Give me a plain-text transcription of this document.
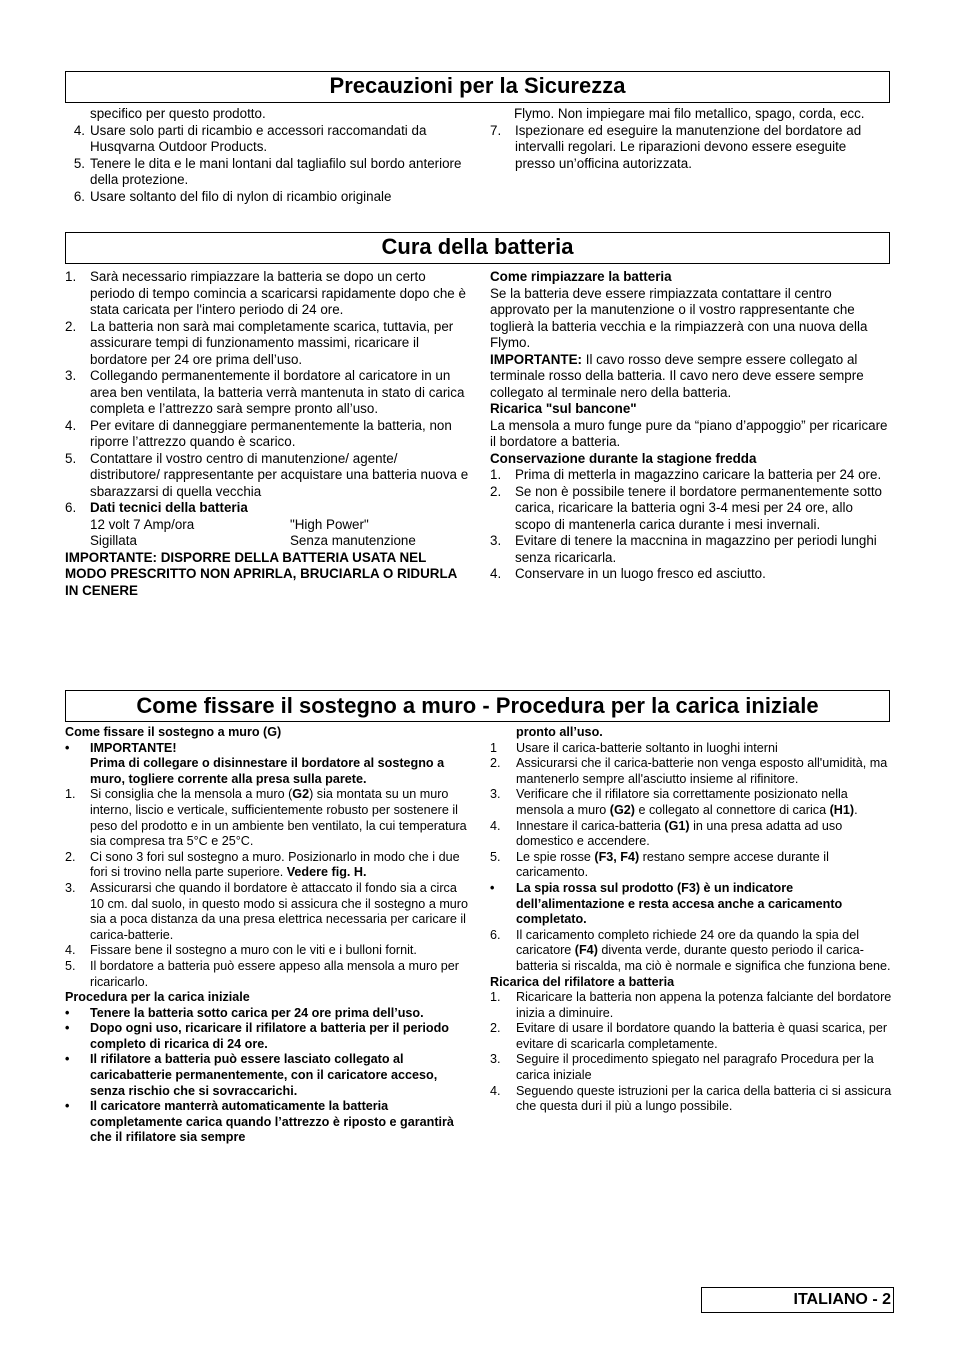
Precauzioni per la Sicurezza
specifico per questo prodotto.
4. Usare solo parti di ricambio e accessori raccomandati da Husqvarna Outdoor Products.
5. Tenere le dita e le mani lontani dal tagliafilo sul bordo anteriore della protezione.
6. Usare soltanto del filo di nylon di ricambio originale
Flymo. Non impiegare mai filo metallico, spago, corda, ecc.
7.	Ispezionare ed eseguire la manutenzione del bordatore ad intervalli regolari. Le riparazioni devono essere eseguite presso un’officina autorizzata.
Cura della batteria
1.	Sarà necessario rimpiazzare la batteria se dopo un certo periodo di tempo comincia a scaricarsi rapidamente dopo che è stata caricata per l'intero periodo di 24 ore.
2.	La batteria non sarà mai completamente scarica, tuttavia, per assicurare tempi di funzionamento massimi, ricaricare il bordatore per 24 ore prima dell’uso.
3.	Collegando permanentemente il bordatore al caricatore in un area ben ventilata, la batteria verrà mantenuta in stato di carica completa e l’attrezzo sarà sempre pronto all’uso.
4.	Per evitare di danneggiare permanentemente la batteria, non riporre l’attrezzo quando è scarico.
5.	Contattare il vostro centro di manutenzione/ agente/ distributore/ rappresentante per acquistare una batteria nuova e sbarazzarsi di quella vecchia
6.	Dati tecnici della batteria
12 volt 7 Amp/ora	"High Power"
Sigillata	Senza manutenzione
IMPORTANTE: DISPORRE DELLA BATTERIA USATA NEL MODO PRESCRITTO NON APRIRLA, BRUCIARLA O RIDURLA IN CENERE
Come rimpiazzare la batteria
Se la batteria deve essere rimpiazzata contattare il centro approvato per la manutenzione o il vostro rappresentante che toglierà la batteria vecchia e la rimpiazzerà con una nuova della Flymo.
IMPORTANTE: Il cavo rosso deve sempre essere collegato al terminale rosso della batteria. Il cavo nero deve essere sempre collegato al terminale nero della batteria.
Ricarica "sul bancone"
La mensola a muro funge pure da “piano d’appoggio” per ricaricare il bordatore a batteria.
Conservazione durante la stagione fredda
1.	Prima di metterla in magazzino caricare la batteria per 24 ore.
2.	Se non è possibile tenere il bordatore permanentemente sotto carica, ricaricare la batteria ogni 3-4 mesi per 24 ore, allo scopo di mantenerla carica durante i mesi invernali.
3.	Evitare di tenere la maccnina in magazzino per periodi lunghi senza ricaricarla.
4.	Conservare in un luogo fresco ed asciutto.
Come fissare il sostegno a muro - Procedura per la carica iniziale
Come fissare il sostegno a muro (G)
•	IMPORTANTE!
Prima di collegare o disinnestare il bordatore al sostegno a muro, togliere corrente alla presa sulla parete.
1.	Si consiglia che la mensola a muro (G2) sia montata su un muro interno, liscio e verticale, sufficientemente robusto per sostenere il peso del prodotto e in un ambiente ben ventilato, la cui temperatura sia compresa tra 5°C e 25°C.
2.	Ci sono 3 fori sul sostegno a muro. Posizionarlo in modo che i due fori si trovino nella parte superiore. Vedere fig. H.
3.	Assicurarsi che quando il bordatore è attaccato il fondo sia a circa 10 cm. dal suolo, in questo modo si assicura che il sostegno a muro sia a poca distanza da una presa elettrica necessaria per caricare il carica-batterie.
4.	Fissare bene il sostegno a muro con le viti e i bulloni fornit.
5.	Il bordatore a batteria può essere appeso alla mensola a muro per ricaricarlo.
Procedura per la carica iniziale
•	Tenere la batteria sotto carica per 24 ore prima dell’uso.
•	Dopo ogni uso, ricaricare il rifilatore a batteria per il periodo completo di ricarica di 24 ore.
•	Il rifilatore a batteria può essere lasciato collegato al caricabatterie permanentemente, con il caricatore acceso, senza rischio che si sovraccarichi.
•	Il caricatore manterrà automaticamente la batteria completamente carica quando l’attrezzo è riposto e garantirà che il rifilatore sia sempre
pronto all’uso.
1	Usare il carica-batterie soltanto in luoghi interni
2.	Assicurarsi che il carica-batterie non venga esposto all'umidità, ma mantenerlo sempre all'asciutto insieme al rifinitore.
3.	Verificare che il rifilatore sia correttamente posizionato nella mensola a muro (G2) e collegato al connettore di carica (H1).
4.	Innestare il carica-batteria (G1) in una presa adatta ad uso domestico e accendere.
5.	Le spie rosse (F3, F4) restano sempre accese durante il caricamento.
•	La spia rossa sul prodotto (F3) è un indicatore dell’alimentazione e resta accesa anche a caricamento completato.
6.	Il caricamento completo richiede 24 ore da quando la spia del caricatore (F4) diventa verde, durante questo periodo il carica-batteria si riscalda, ma ciò è normale e significa che funziona bene.
Ricarica del rifilatore a batteria
1.	Ricaricare la batteria non appena la potenza falciante del bordatore inizia a diminuire.
2.	Evitare di usare il bordatore quando la batteria è quasi scarica, per evitare di scaricarla completamente.
3.	Seguire il procedimento spiegato nel paragrafo Procedura per la carica iniziale
4.	Seguendo queste istruzioni per la carica della batteria ci si assicura che questa duri il più a lungo possibile.
ITALIANO - 2
